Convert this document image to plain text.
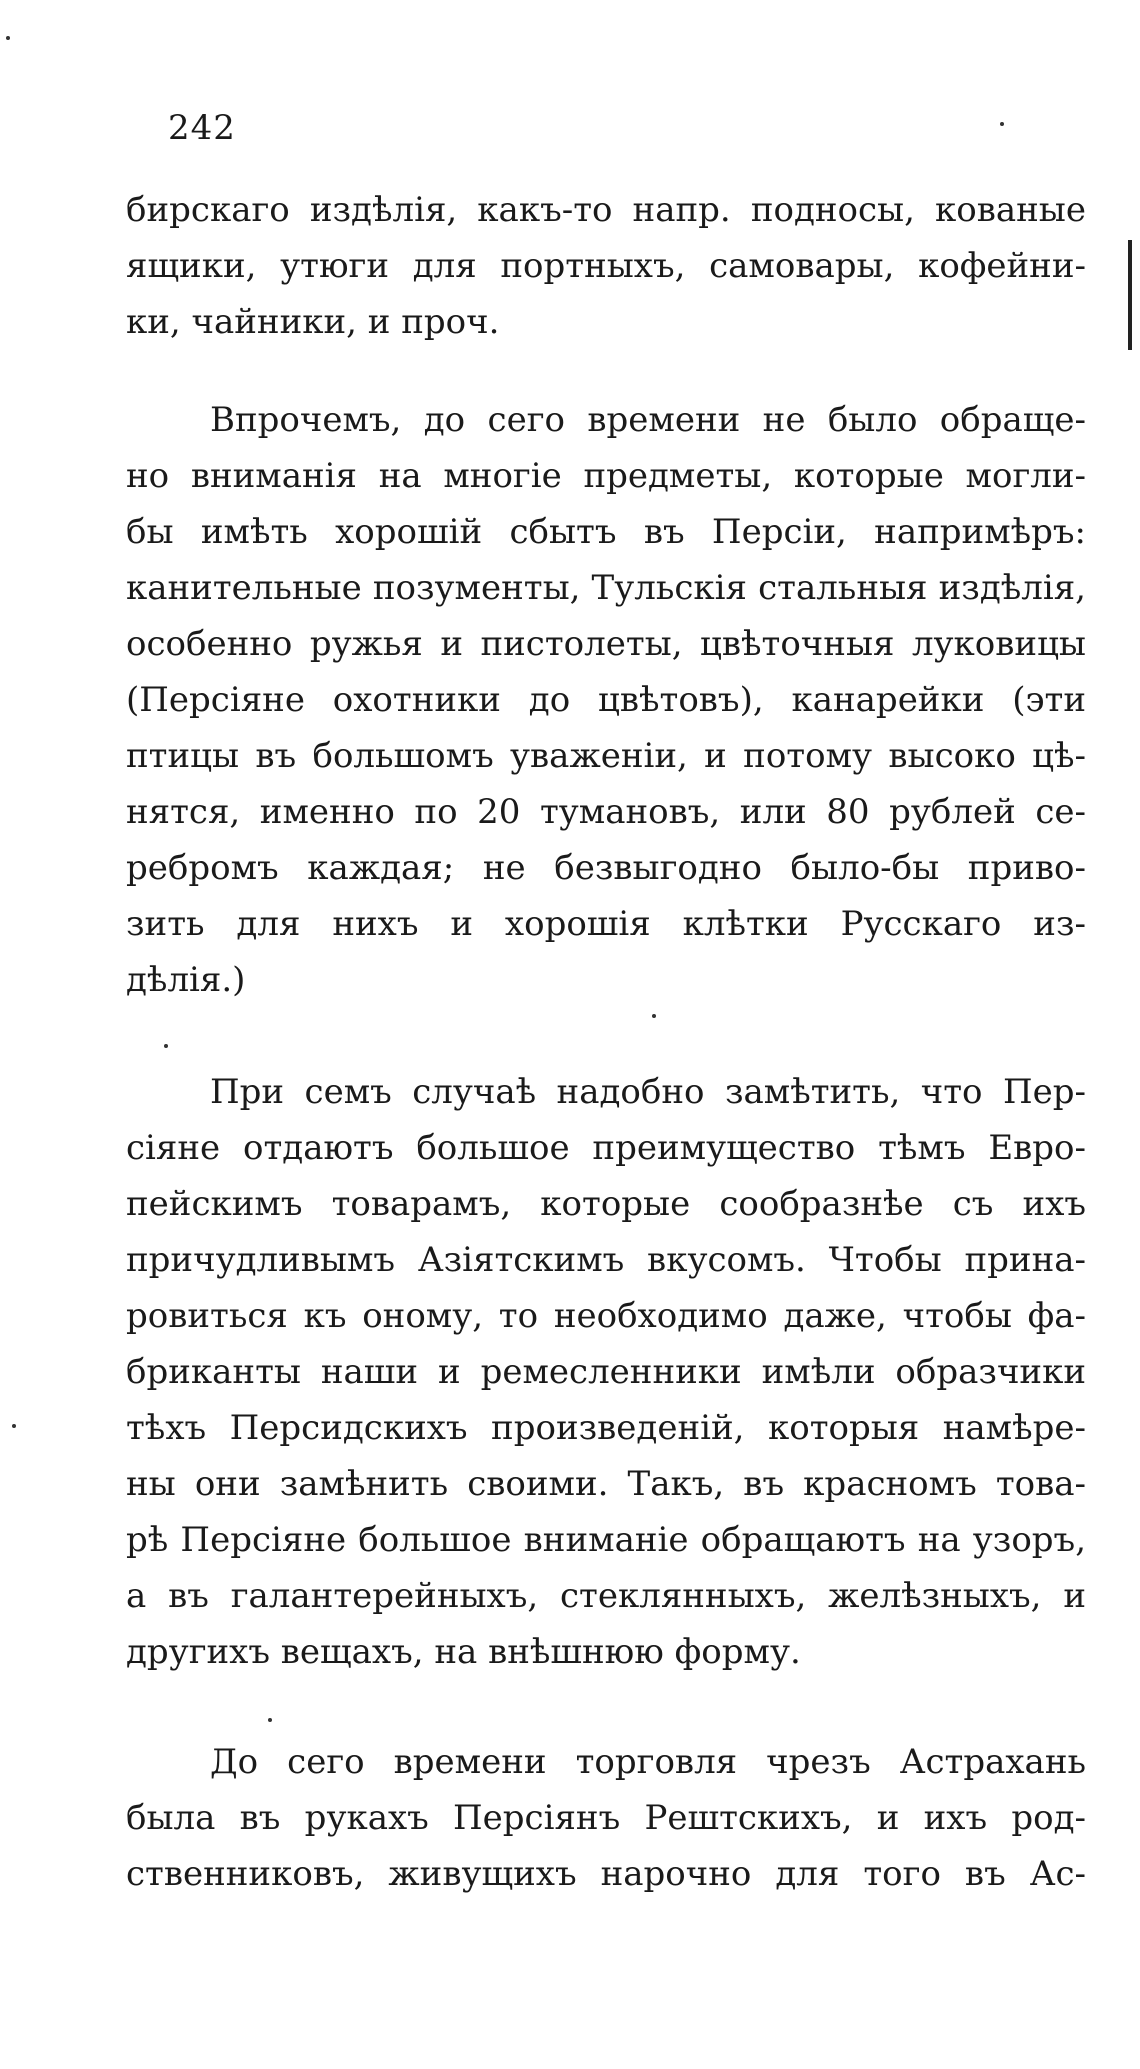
242
бирскаго издѣлія, какъ-то напр. подносы, кованые
ящики, утюги для портныхъ, самовары, кофейни-
ки, чайники, и проч.
Впрочемъ, до сего времени не было обраще-
но вниманія на многіе предметы, которые могли-
бы имѣть хорошій сбытъ въ Персіи, напримѣръ:
канительные позументы, Тульскія стальныя издѣлія,
особенно ружья и пистолеты, цвѣточныя луковицы
(Персіяне охотники до цвѣтовъ), канарейки (эти
птицы въ большомъ уваженіи, и потому высоко цѣ-
нятся, именно по 20 тумановъ, или 80 рублей се-
ребромъ каждая; не безвыгодно было-бы приво-
зить для нихъ и хорошія клѣтки Русскаго из-
дѣлія.)
При семъ случаѣ надобно замѣтить, что Пер-
сіяне отдаютъ большое преимущество тѣмъ Евро-
пейскимъ товарамъ, которые сообразнѣе съ ихъ
причудливымъ Азіятскимъ вкусомъ. Чтобы прина-
ровиться къ оному, то необходимо даже, чтобы фа-
бриканты наши и ремесленники имѣли образчики
тѣхъ Персидскихъ произведеній, которыя намѣре-
ны они замѣнить своими. Такъ, въ красномъ това-
рѣ Персіяне большое вниманіе обращаютъ на узоръ,
а въ галантерейныхъ, стеклянныхъ, желѣзныхъ, и
другихъ вещахъ, на внѣшнюю форму.
До сего времени торговля чрезъ Астрахань
была въ рукахъ Персіянъ Рештскихъ, и ихъ род-
ственниковъ, живущихъ нарочно для того въ Ас-
